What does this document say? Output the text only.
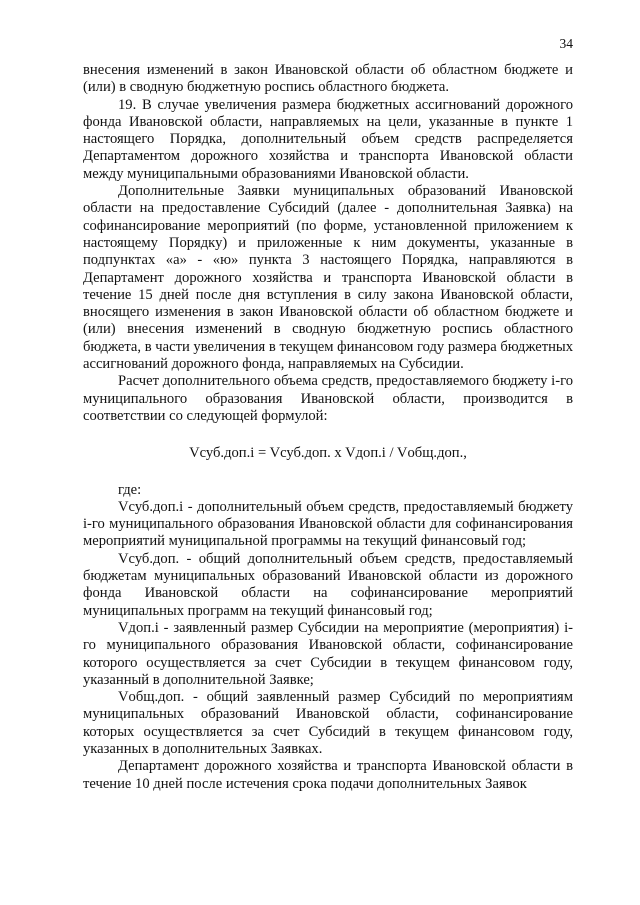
34

внесения изменений в закон Ивановской области об областном бюджете и (или) в сводную бюджетную роспись областного бюджета.

19. В случае увеличения размера бюджетных ассигнований дорожного фонда Ивановской области, направляемых на цели, указанные в пункте 1 настоящего Порядка, дополнительный объем средств распределяется Департаментом дорожного хозяйства и транспорта Ивановской области между муниципальными образованиями Ивановской области.

Дополнительные Заявки муниципальных образований Ивановской области на предоставление Субсидий (далее - дополнительная Заявка) на софинансирование мероприятий (по форме, установленной приложением к настоящему Порядку) и приложенные к ним документы, указанные в подпунктах «а» - «ю» пункта 3 настоящего Порядка, направляются в Департамент дорожного хозяйства и транспорта Ивановской области в течение 15 дней после дня вступления в силу закона Ивановской области, вносящего изменения в закон Ивановской области об областном бюджете и (или) внесения изменений в сводную бюджетную роспись областного бюджета, в части увеличения в текущем финансовом году размера бюджетных ассигнований дорожного фонда, направляемых на Субсидии.

Расчет дополнительного объема средств, предоставляемого бюджету i-го муниципального образования Ивановской области, производится в соответствии со следующей формулой:

Vсуб.доп.i = Vсуб.доп. x Vдоп.i / Vобщ.доп.,

где:

Vсуб.доп.i - дополнительный объем средств, предоставляемый бюджету i-го муниципального образования Ивановской области для софинансирования мероприятий муниципальной программы на текущий финансовый год;

Vсуб.доп. - общий дополнительный объем средств, предоставляемый бюджетам муниципальных образований Ивановской области из дорожного фонда Ивановской области на софинансирование мероприятий муниципальных программ на текущий финансовый год;

Vдоп.i - заявленный размер Субсидии на мероприятие (мероприятия) i-го муниципального образования Ивановской области, софинансирование которого осуществляется за счет Субсидии в текущем финансовом году, указанный в дополнительной Заявке;

Vобщ.доп. - общий заявленный размер Субсидий по мероприятиям муниципальных образований Ивановской области, софинансирование которых осуществляется за счет Субсидий в текущем финансовом году, указанных в дополнительных Заявках.

Департамент дорожного хозяйства и транспорта Ивановской области в течение 10 дней после истечения срока подачи дополнительных Заявок
